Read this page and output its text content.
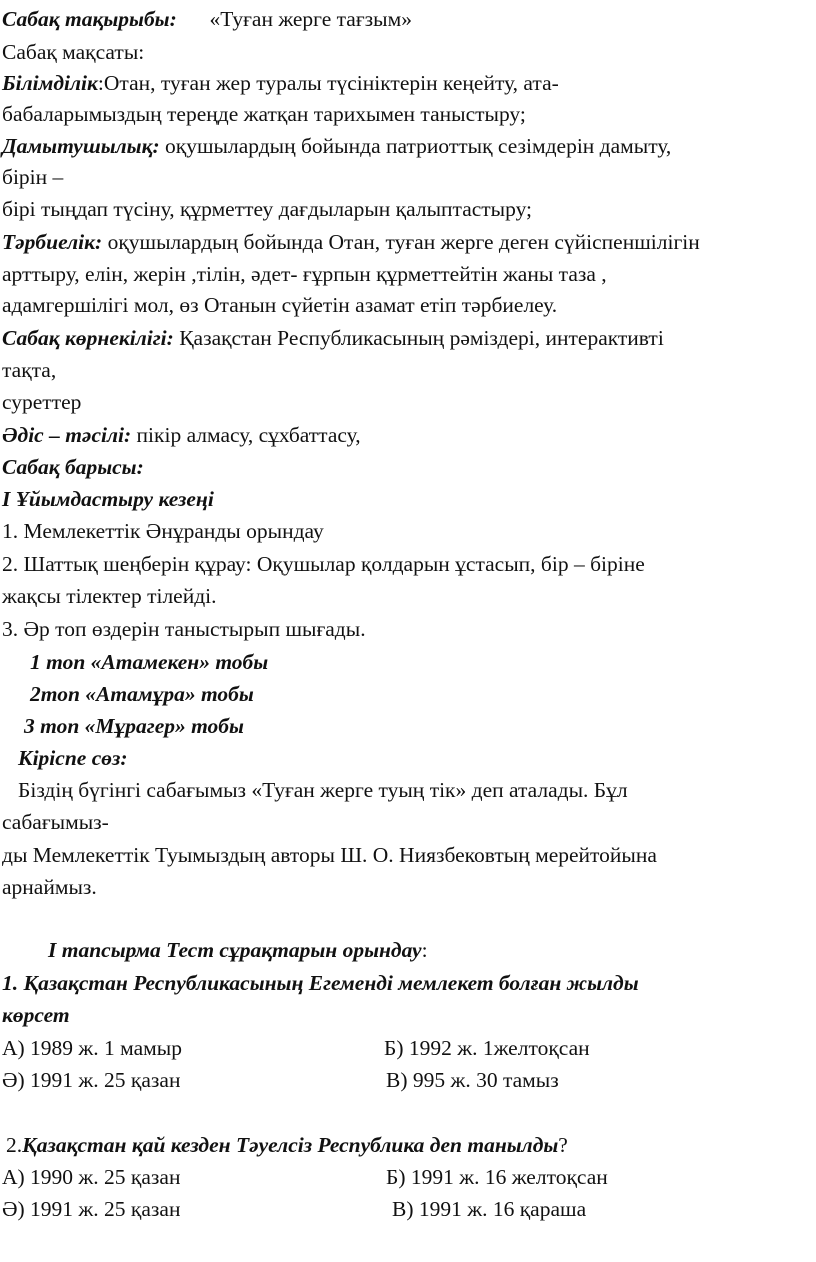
Сабақ тақырыбы: «Туған жерге тағзым»
Сабақ мақсаты:
Білімділік:Отан, туған жер туралы түсініктерін кеңейту, ата-
бабаларымыздың тереңде жатқан тарихымен таныстыру;
Дамытушылық: оқушылардың бойында патриоттық сезімдерін дамыту,
бірін –
бірі тыңдап түсіну, құрметтеу дағдыларын қалыптастыру;
Тәрбиелік: оқушылардың бойында Отан, туған жерге деген сүйіспеншілігін
арттыру, елін, жерін ,тілін, әдет- ғұрпын құрметтейтін жаны таза ,
адамгершілігі мол, өз Отанын сүйетін азамат етіп тәрбиелеу.
Сабақ көрнекілігі: Қазақстан Республикасының рәміздері, интерактивті
тақта,
суреттер
Әдіс – тәсілі: пікір алмасу, сұхбаттасу,
Сабақ барысы:
І Ұйымдастыру кезеңі
1. Мемлекеттік Әнұранды орындау
2. Шаттық шеңберін құрау: Оқушылар қолдарын ұстасып, бір – біріне
жақсы тілектер тілейді.
3. Әр топ өздерін таныстырып шығады.
1 топ «Атамекен» тобы
2топ «Атамұра» тобы
3 топ «Мұрагер» тобы
Кіріспе сөз:
Біздің бүгінгі сабағымыз «Туған жерге туың тік» деп аталады. Бұл
сабағымыз-
ды Мемлекеттік Туымыздың авторы Ш. О. Ниязбековтың мерейтойына
арнаймыз.
І тапсырма Тест сұрақтарын орындау:
1. Қазақстан Республикасының Егеменді мемлекет болған жылды
көрсет
А) 1989 ж. 1 мамыр	Б) 1992 ж. 1желтоқсан
Ә) 1991 ж. 25 қазан	В) 995 ж. 30 тамыз
2.Қазақстан қай кезден Тәуелсіз Республика деп танылды?
А) 1990 ж. 25 қазан	Б) 1991 ж. 16 желтоқсан
Ә) 1991 ж. 25 қазан	В) 1991 ж. 16 қараша
